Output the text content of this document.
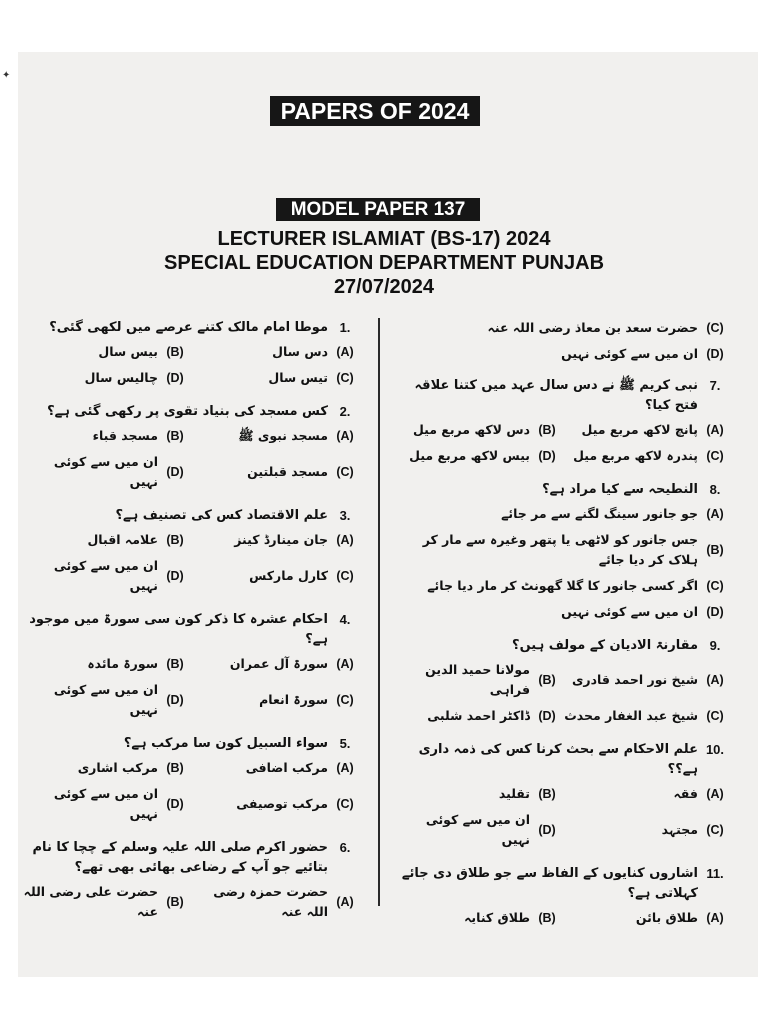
✦
PAPERS OF 2024
MODEL PAPER 137
LECTURER ISLAMIAT (BS-17) 2024
SPECIAL EDUCATION DEPARTMENT PUNJAB
27/07/2024
1.
موطا امام مالک کتنے عرصے میں لکھی گئی؟
(A)
دس سال
(B)
بیس سال
(C)
تیس سال
(D)
چالیس سال
2.
کس مسجد کی بنیاد تقوی پر رکھی گئی ہے؟
(A)
مسجد نبوی ﷺ
(B)
مسجد قباء
(C)
مسجد قبلتین
(D)
ان میں سے کوئی نہیں
3.
علم الاقتصاد کس کی تصنیف ہے؟
(A)
جان مینارڈ کینز
(B)
علامہ اقبال
(C)
کارل مارکس
(D)
ان میں سے کوئی نہیں
4.
احکام عشرہ کا ذکر کون سی سورۃ میں موجود ہے؟
(A)
سورۃ آل عمران
(B)
سورۃ مائدہ
(C)
سورۃ انعام
(D)
ان میں سے کوئی نہیں
5.
سواء السبیل کون سا مرکب ہے؟
(A)
مرکب اضافی
(B)
مرکب اشاری
(C)
مرکب توصیفی
(D)
ان میں سے کوئی نہیں
6.
حضور اکرم صلی اللہ علیہ وسلم کے چچا کا نام بتائیے جو آپ کے رضاعی بھائی بھی تھے؟
(A)
حضرت حمزہ رضی اللہ عنہ
(B)
حضرت علی رضی اللہ عنہ
(C)
حضرت سعد بن معاذ رضی اللہ عنہ
(D)
ان میں سے کوئی نہیں
7.
نبی کریم ﷺ نے دس سال عہد میں کتنا علاقہ فتح کیا؟
(A)
پانچ لاکھ مربع میل
(B)
دس لاکھ مربع میل
(C)
پندرہ لاکھ مربع میل
(D)
بیس لاکھ مربع میل
8.
النطیحہ سے کیا مراد ہے؟
(A)
جو جانور سینگ لگنے سے مر جائے
(B)
جس جانور کو لاٹھی یا پتھر وغیرہ سے مار کر ہلاک کر دیا جائے
(C)
اگر کسی جانور کا گلا گھونٹ کر مار دیا جائے
(D)
ان میں سے کوئی نہیں
9.
مقارنۃ الادیان کے مولف ہیں؟
(A)
شیخ نور احمد قادری
(B)
مولانا حمید الدین فراہی
(C)
شیخ عبد الغفار محدث
(D)
ڈاکٹر احمد شلبی
10.
علم الاحکام سے بحث کرنا کس کی ذمہ داری ہے؟؟
(A)
فقہ
(B)
تقلید
(C)
مجتہد
(D)
ان میں سے کوئی نہیں
11.
اشاروں کنایوں کے الفاظ سے جو طلاق دی جائے کہلاتی ہے؟
(A)
طلاق بائن
(B)
طلاق کنایہ
